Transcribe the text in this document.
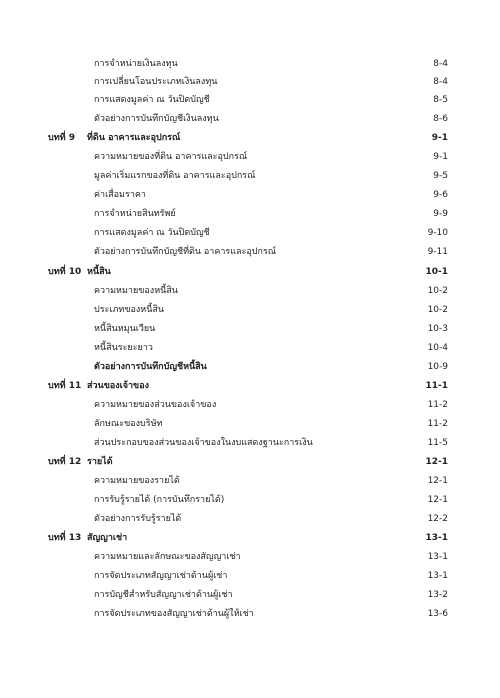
การจำหน่ายเงินลงทุน	8-4
การเปลี่ยนโอนประเภทเงินลงทุน	8-4
การแสดงมูลค่า ณ วันปิดบัญชี	8-5
ตัวอย่างการบันทึกบัญชีเงินลงทุน	8-6
บทที่ 9	ที่ดิน อาคารและอุปกรณ์	9-1
ความหมายของที่ดิน อาคารและอุปกรณ์	9-1
มูลค่าเริ่มแรกของที่ดิน อาคารและอุปกรณ์	9-5
ค่าเสื่อมราคา	9-6
การจำหน่ายสินทรัพย์	9-9
การแสดงมูลค่า ณ วันปิดบัญชี	9-10
ตัวอย่างการบันทึกบัญชีที่ดิน อาคารและอุปกรณ์	9-11
บทที่ 10 หนี้สิน	10-1
ความหมายของหนี้สิน	10-2
ประเภทของหนี้สิน	10-2
หนี้สินหมุนเวียน	10-3
หนี้สินระยะยาว	10-4
ตัวอย่างการบันทึกบัญชีหนี้สิน	10-9
บทที่ 11 ส่วนของเจ้าของ	11-1
ความหมายของส่วนของเจ้าของ	11-2
ลักษณะของบริษัท	11-2
ส่วนประกอบของส่วนของเจ้าของในงบแสดงฐานะการเงิน	11-5
บทที่ 12 รายได้	12-1
ความหมายของรายได้	12-1
การรับรู้รายได้ (การบันทึกรายได้)	12-1
ตัวอย่างการรับรู้รายได้	12-2
บทที่ 13 สัญญาเช่า	13-1
ความหมายและลักษณะของสัญญาเช่า	13-1
การจัดประเภทสัญญาเช่าด้านผู้เช่า	13-1
การบัญชีสำหรับสัญญาเช่าด้านผู้เช่า	13-2
การจัดประเภทของสัญญาเช่าด้านผู้ให้เช่า	13-6
